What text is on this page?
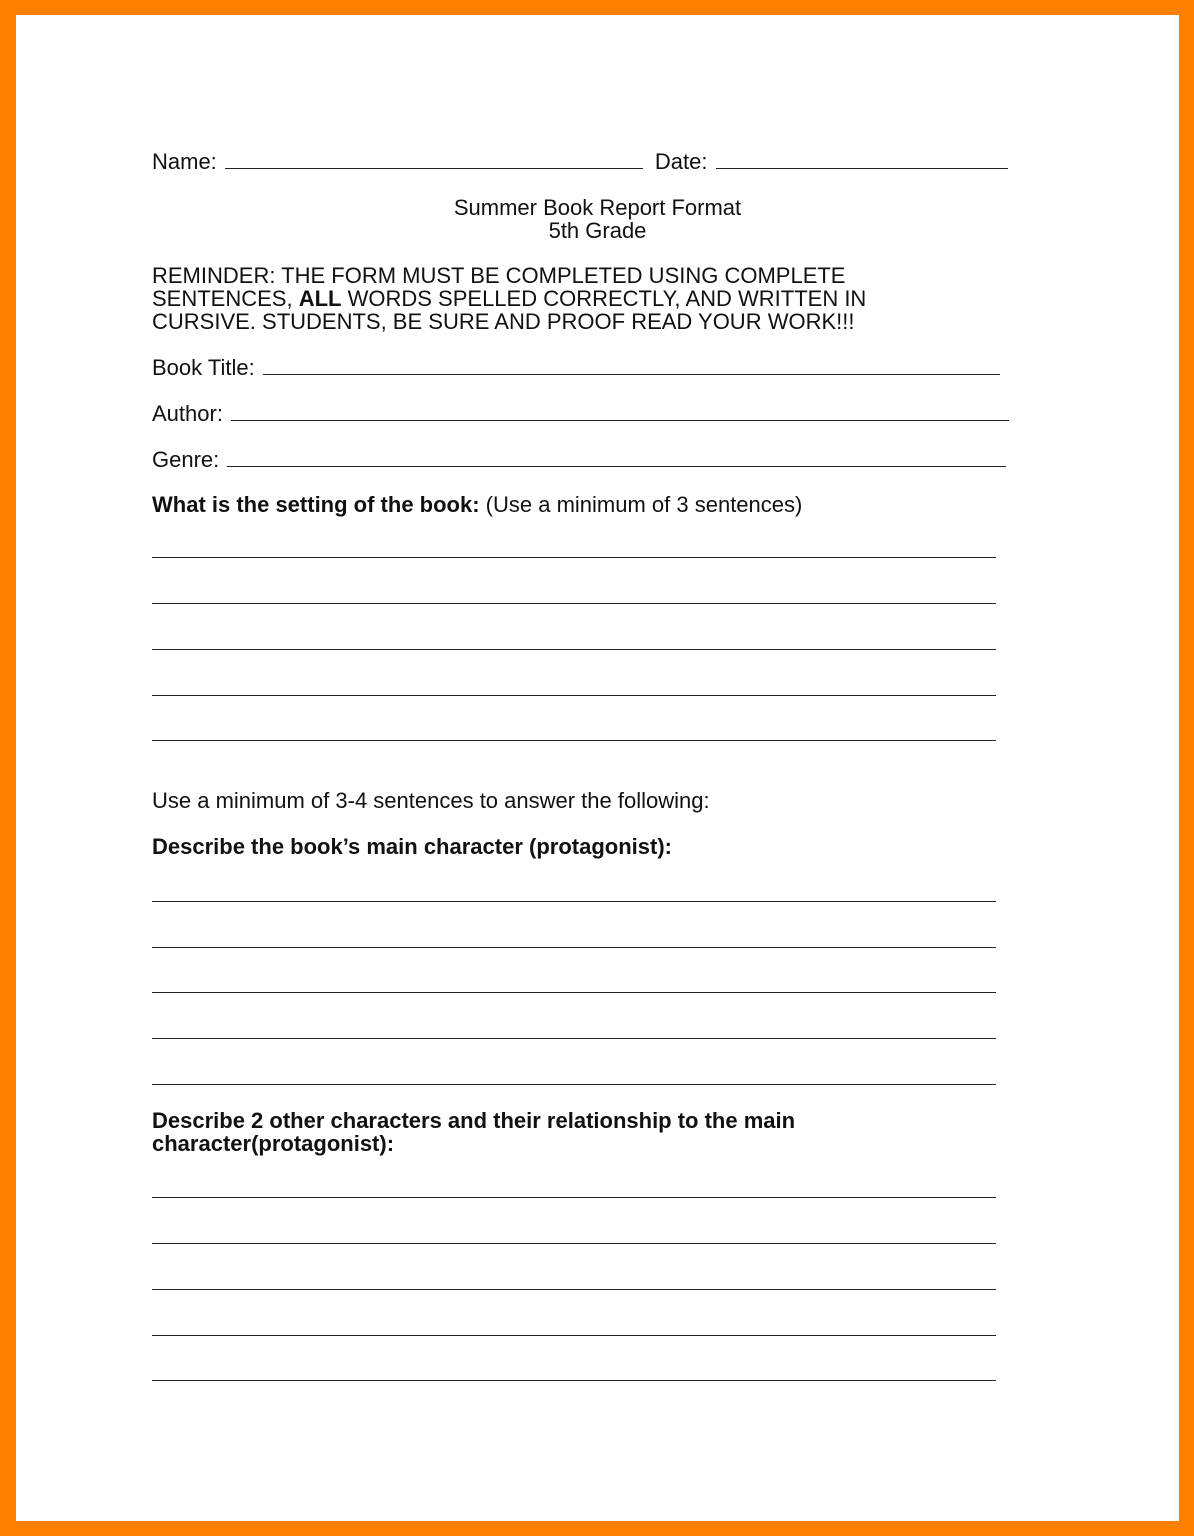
Name:	Date:
Summer Book Report Format
5th Grade
REMINDER: THE FORM MUST BE COMPLETED USING COMPLETE
SENTENCES, ALL WORDS SPELLED CORRECTLY, AND WRITTEN IN
CURSIVE. STUDENTS, BE SURE AND PROOF READ YOUR WORK!!!
Book Title:
Author:
Genre:
What is the setting of the book: (Use a minimum of 3 sentences)
Use a minimum of 3-4 sentences to answer the following:
Describe the book’s main character (protagonist):
Describe 2 other characters and their relationship to the main
character(protagonist):
